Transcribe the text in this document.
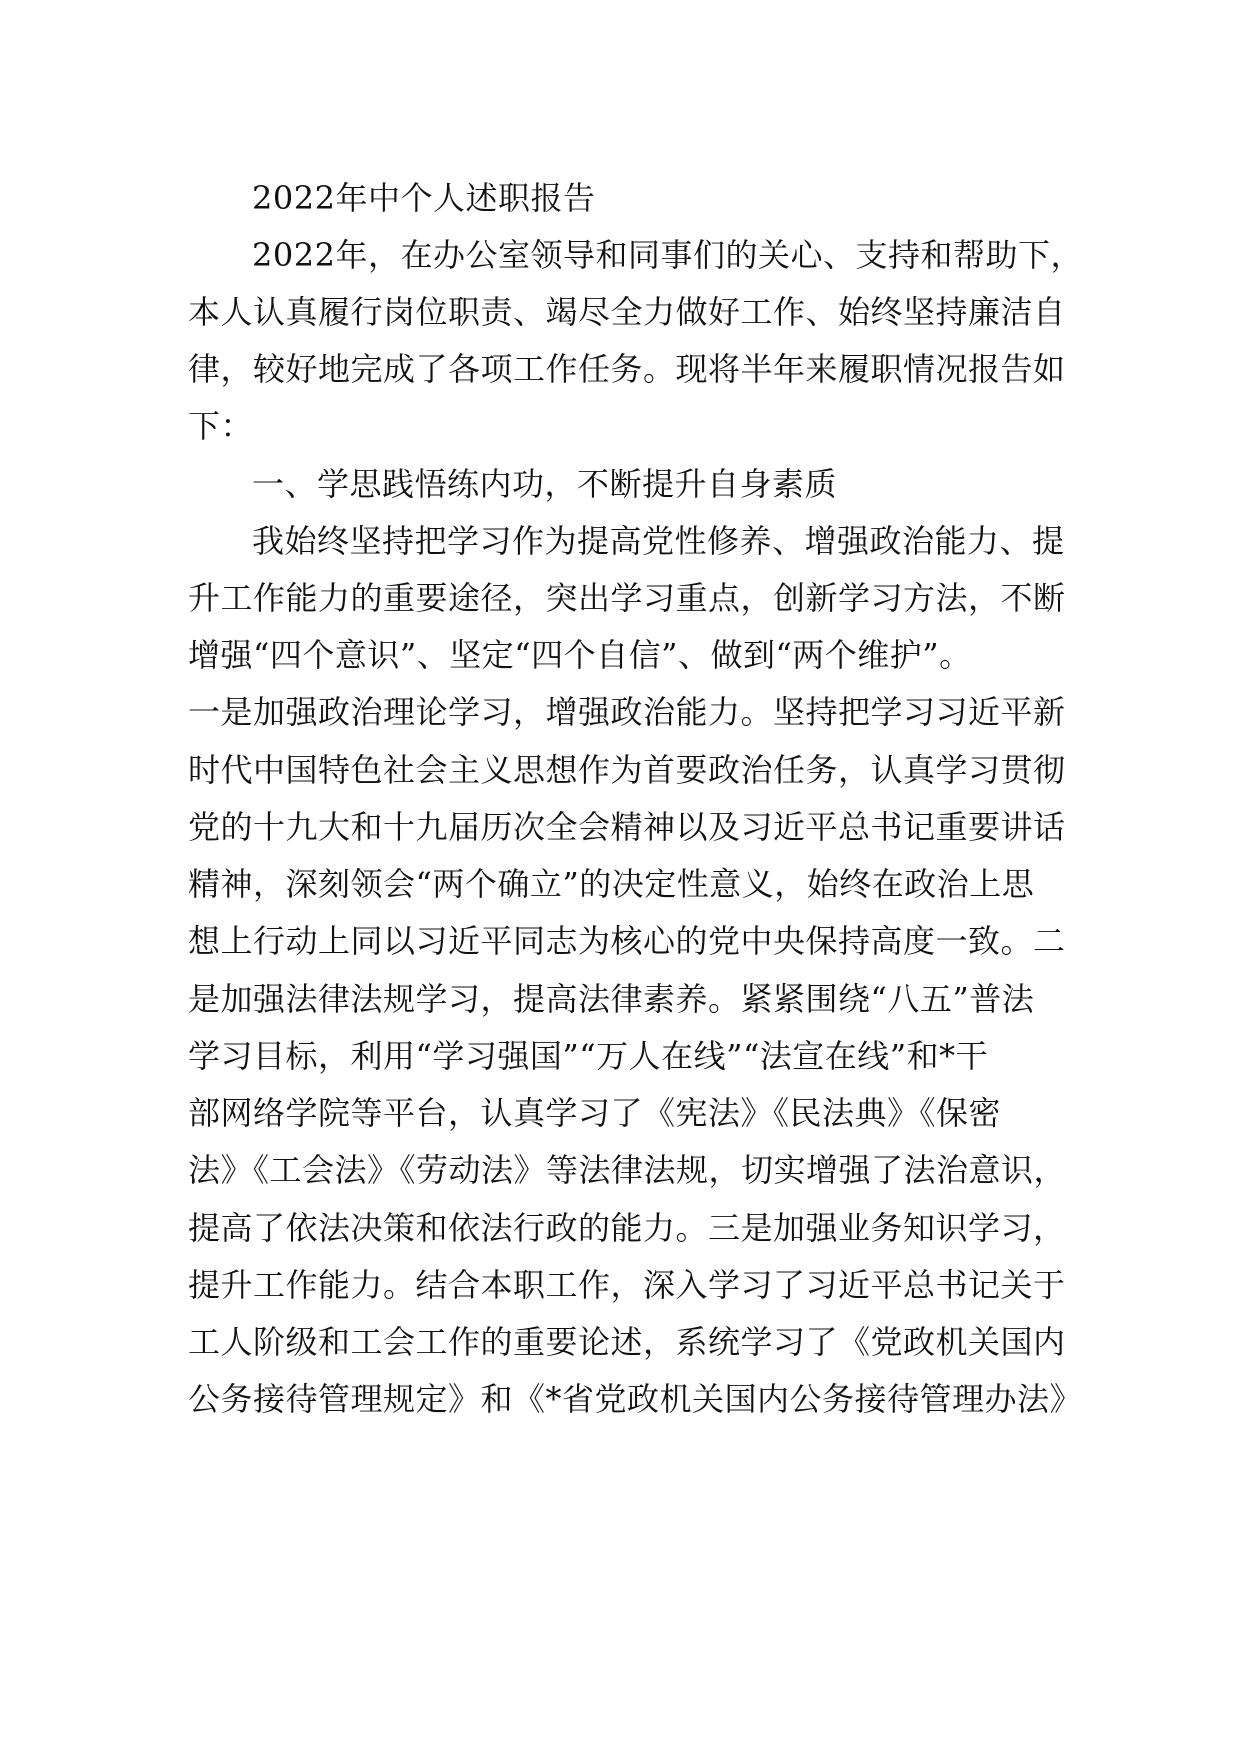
2022年中个人述职报告
2022年，在办公室领导和同事们的关心、支持和帮助下，
本人认真履行岗位职责、竭尽全力做好工作、始终坚持廉洁自
律，较好地完成了各项工作任务。现将半年来履职情况报告如
下：
一、学思践悟练内功，不断提升自身素质
我始终坚持把学习作为提高党性修养、增强政治能力、提
升工作能力的重要途径，突出学习重点，创新学习方法，不断
增强“四个意识”、坚定“四个自信”、做到“两个维护”。
一是加强政治理论学习，增强政治能力。坚持把学习习近平新
时代中国特色社会主义思想作为首要政治任务，认真学习贯彻
党的十九大和十九届历次全会精神以及习近平总书记重要讲话
精神，深刻领会“两个确立”的决定性意义，始终在政治上思
想上行动上同以习近平同志为核心的党中央保持高度一致。二
是加强法律法规学习，提高法律素养。紧紧围绕“八五”普法
学习目标，利用“学习强国”“万人在线”“法宣在线”和*干
部网络学院等平台，认真学习了《宪法》《民法典》《保密
法》《工会法》《劳动法》等法律法规，切实增强了法治意识，
提高了依法决策和依法行政的能力。三是加强业务知识学习，
提升工作能力。结合本职工作，深入学习了习近平总书记关于
工人阶级和工会工作的重要论述，系统学习了《党政机关国内
公务接待管理规定》和《*省党政机关国内公务接待管理办法》
